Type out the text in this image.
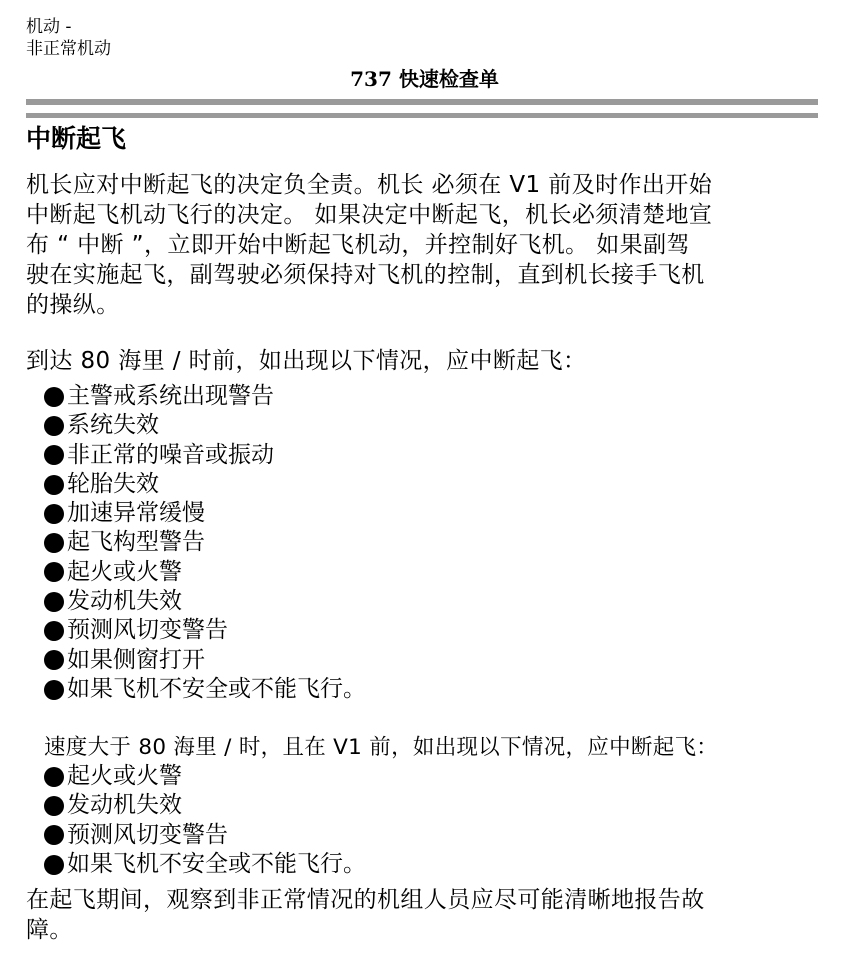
机动 -
非正常机动
737 快速检查单
中断起飞
机长应对中断起飞的决定负全责。机长 必须在 V1 前及时作出开始
中断起飞机动飞行的决定。 如果决定中断起飞，机长必须清楚地宣
布 “ 中断 ”，立即开始中断起飞机动，并控制好飞机。 如果副驾
驶在实施起飞，副驾驶必须保持对飞机的控制，直到机长接手飞机
的操纵。
到达 80 海里 / 时前，如出现以下情况，应中断起飞：
主警戒系统出现警告
系统失效
非正常的噪音或振动
轮胎失效
加速异常缓慢
起飞构型警告
起火或火警
发动机失效
预测风切变警告
如果侧窗打开
如果飞机不安全或不能飞行。
速度大于 80 海里 / 时，且在 V1 前，如出现以下情况，应中断起飞：
起火或火警
发动机失效
预测风切变警告
如果飞机不安全或不能飞行。
在起飞期间，观察到非正常情况的机组人员应尽可能清晰地报告故
障。
